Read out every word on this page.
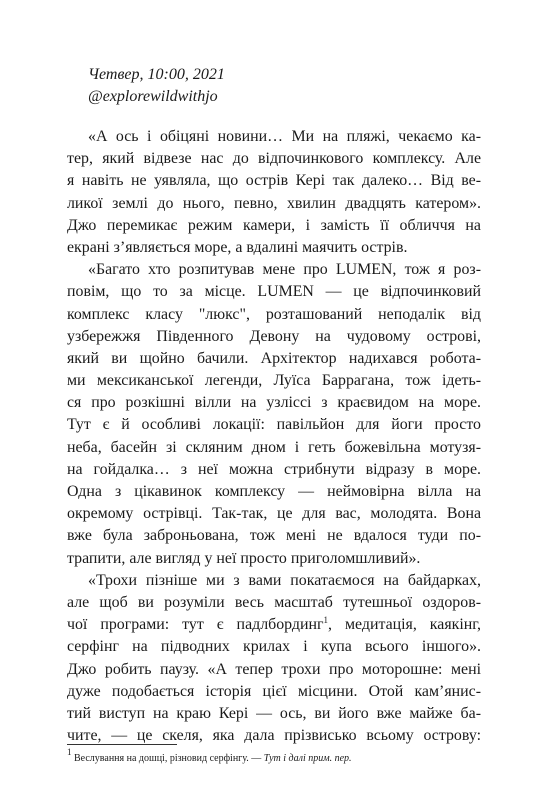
Четвер, 10:00, 2021
@explorewildwithjo
«А ось і обіцяні новини… Ми на пляжі, чекаємо ка-
тер, який відвезе нас до відпочинкового комплексу. Але
я навіть не уявляла, що острів Кері так далеко… Від ве-
ликої землі до нього, певно, хвилин двадцять катером».
Джо перемикає режим камери, і замість її обличчя на
екрані з’являється море, а вдалині маячить острів.
«Багато хто розпитував мене про LUMEN, тож я роз-
повім, що то за місце. LUMEN — це відпочинковий
комплекс класу "люкс", розташований неподалік від
узбережжя Південного Девону на чудовому острові,
який ви щойно бачили. Архітектор надихався робота-
ми мексиканської легенди, Луїса Баррагана, тож ідеть-
ся про розкішні вілли на узліссі з краєвидом на море.
Тут є й особливі локації: павільйон для йоги просто
неба, басейн зі скляним дном і геть божевільна мотузя-
на гойдалка… з неї можна стрибнути відразу в море.
Одна з цікавинок комплексу — неймовірна вілла на
окремому острівці. Так-так, це для вас, молодята. Вона
вже була заброньована, тож мені не вдалося туди по-
трапити, але вигляд у неї просто приголомшливий».
«Трохи пізніше ми з вами покатаємося на байдарках,
але щоб ви розуміли весь масштаб тутешньої оздоров-
чої програми: тут є падлбординг$^1$, медитація, каякінг,
серфінг на підводних крилах і купа всього іншого».
Джо робить паузу. «А тепер трохи про моторошне: мені
дуже подобається історія цієї місцини. Отой кам’янис-
тий виступ на краю Кері — ось, ви його вже майже ба-
чите, — це скеля, яка дала прізвисько всьому острову:
$^1$ Веслування на дошці, різновид серфінгу. — Тут і далі прим. пер.
